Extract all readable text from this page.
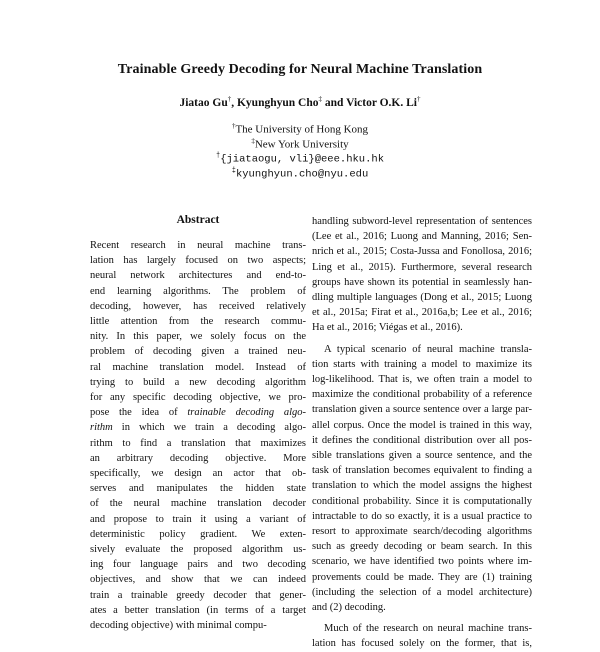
Trainable Greedy Decoding for Neural Machine Translation
Jiatao Gu†, Kyunghyun Cho‡ and Victor O.K. Li†
†The University of Hong Kong
‡New York University
†{jiataogu, vli}@eee.hku.hk
‡kyunghyun.cho@nyu.edu
Abstract
Recent research in neural machine trans-
lation has largely focused on two aspects;
neural network architectures and end-to-
end learning algorithms. The problem of
decoding, however, has received relatively
little attention from the research commu-
nity. In this paper, we solely focus on the
problem of decoding given a trained neu-
ral machine translation model. Instead of
trying to build a new decoding algorithm
for any specific decoding objective, we pro-
pose the idea of trainable decoding algo-
rithm in which we train a decoding algo-
rithm to find a translation that maximizes
an arbitrary decoding objective. More
specifically, we design an actor that ob-
serves and manipulates the hidden state
of the neural machine translation decoder
and propose to train it using a variant of
deterministic policy gradient. We exten-
sively evaluate the proposed algorithm us-
ing four language pairs and two decoding
objectives, and show that we can indeed
train a trainable greedy decoder that gener-
ates a better translation (in terms of a target
decoding objective) with minimal compu-
handling subword-level representation of sentences
(Lee et al., 2016; Luong and Manning, 2016; Sen-
nrich et al., 2015; Costa-Jussa and Fonollosa, 2016;
Ling et al., 2015). Furthermore, several research
groups have shown its potential in seamlessly han-
dling multiple languages (Dong et al., 2015; Luong
et al., 2015a; Firat et al., 2016a,b; Lee et al., 2016;
Ha et al., 2016; Viégas et al., 2016).
A typical scenario of neural machine transla-
tion starts with training a model to maximize its
log-likelihood. That is, we often train a model to
maximize the conditional probability of a reference
translation given a source sentence over a large par-
allel corpus. Once the model is trained in this way,
it defines the conditional distribution over all pos-
sible translations given a source sentence, and the
task of translation becomes equivalent to finding a
translation to which the model assigns the highest
conditional probability. Since it is computationally
intractable to do so exactly, it is a usual practice to
resort to approximate search/decoding algorithms
such as greedy decoding or beam search. In this
scenario, we have identified two points where im-
provements could be made. They are (1) training
(including the selection of a model architecture)
and (2) decoding.
Much of the research on neural machine trans-
lation has focused solely on the former, that is,
